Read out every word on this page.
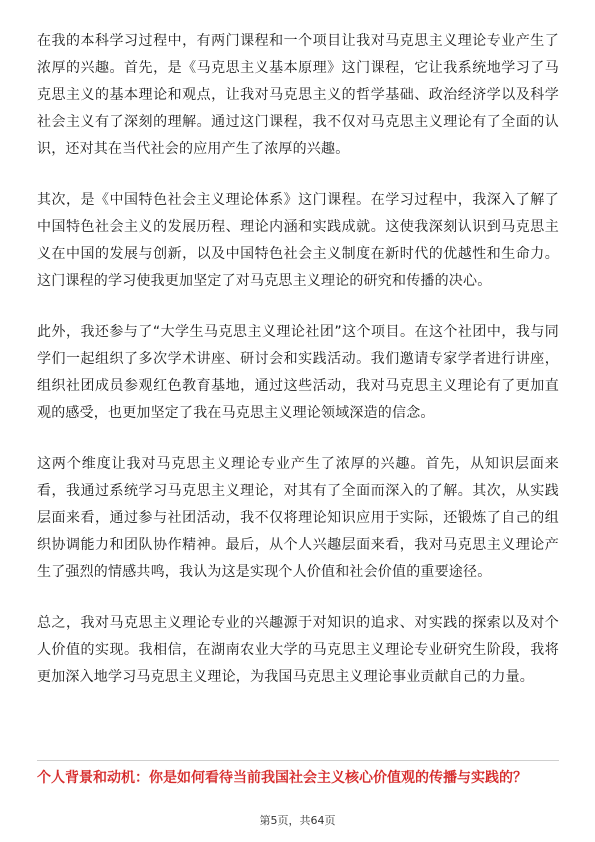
在我的本科学习过程中，有两门课程和一个项目让我对马克思主义理论专业产生了浓厚的兴趣。首先，是《马克思主义基本原理》这门课程，它让我系统地学习了马克思主义的基本理论和观点，让我对马克思主义的哲学基础、政治经济学以及科学社会主义有了深刻的理解。通过这门课程，我不仅对马克思主义理论有了全面的认识，还对其在当代社会的应用产生了浓厚的兴趣。

其次，是《中国特色社会主义理论体系》这门课程。在学习过程中，我深入了解了中国特色社会主义的发展历程、理论内涵和实践成就。这使我深刻认识到马克思主义在中国的发展与创新，以及中国特色社会主义制度在新时代的优越性和生命力。这门课程的学习使我更加坚定了对马克思主义理论的研究和传播的决心。

此外，我还参与了“大学生马克思主义理论社团”这个项目。在这个社团中，我与同学们一起组织了多次学术讲座、研讨会和实践活动。我们邀请专家学者进行讲座，组织社团成员参观红色教育基地，通过这些活动，我对马克思主义理论有了更加直观的感受，也更加坚定了我在马克思主义理论领域深造的信念。

这两个维度让我对马克思主义理论专业产生了浓厚的兴趣。首先，从知识层面来看，我通过系统学习马克思主义理论，对其有了全面而深入的了解。其次，从实践层面来看，通过参与社团活动，我不仅将理论知识应用于实际，还锻炼了自己的组织协调能力和团队协作精神。最后，从个人兴趣层面来看，我对马克思主义理论产生了强烈的情感共鸣，我认为这是实现个人价值和社会价值的重要途径。

总之，我对马克思主义理论专业的兴趣源于对知识的追求、对实践的探索以及对个人价值的实现。我相信，在湖南农业大学的马克思主义理论专业研究生阶段，我将更加深入地学习马克思主义理论，为我国马克思主义理论事业贡献自己的力量。

个人背景和动机：你是如何看待当前我国社会主义核心价值观的传播与实践的？

第5页，共64页
